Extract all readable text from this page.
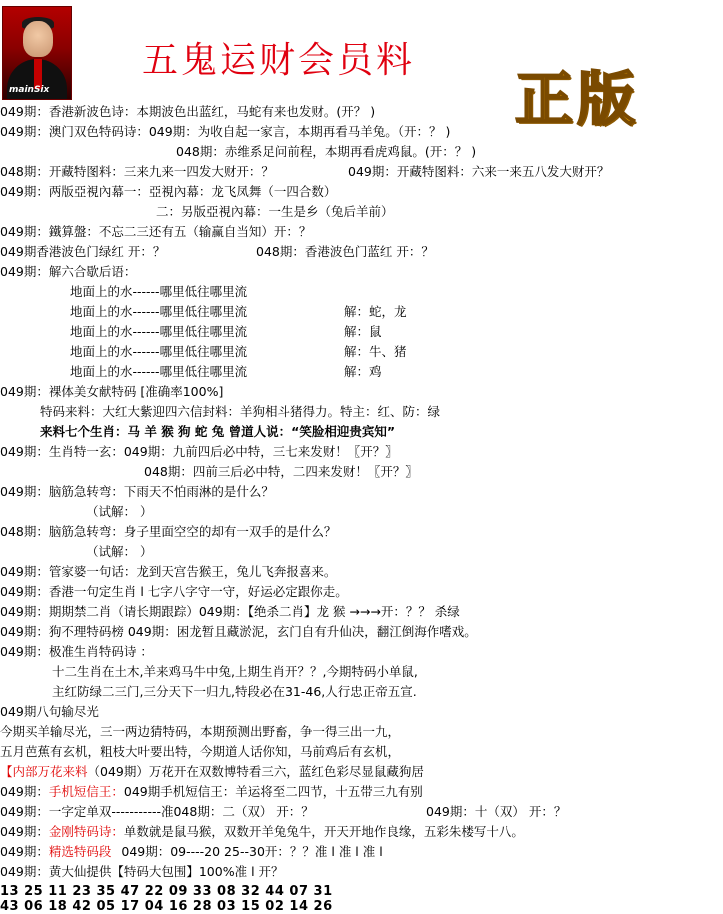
mainSix
五鬼运财会员料
正版
049期：香港新波色诗：本期波色出蓝红，马蛇有来也发财。(开？ )
049期：澳门双色特码诗：049期：为收自起一家言，本期再看马羊兔。（开：？ )
048期：赤维系足问前程，本期再看虎鸡鼠。(开：？ )
048期：开藏特图料：三来九来一四发大财开：？	049期：开藏特图料：六来一来五八发大财开？
049期：两版亞視內幕一：亞視內幕：龙飞凤舞（一四合数）
二：另版亞視內幕：一生是乡（兔后羊前）
049期：鐵算盤：不忘二三还有五（输赢自当知）开：？
049期香港波色门绿红 开：？	048期：香港波色门蓝红 开：？
049期：解六合歇后语：
地面上的水------哪里低往哪里流
地面上的水------哪里低往哪里流	解：蛇，龙
地面上的水------哪里低往哪里流	解：鼠
地面上的水------哪里低往哪里流	解：牛、猪
地面上的水------哪里低往哪里流	解：鸡
049期：裸体美女献特码 [准确率100%]
特码来料：大红大紫迎四六信封料：羊狗相斗猪得力。特主：红、防：绿
来料七个生肖：马 羊 猴 狗 蛇 兔 曾道人说：“笑脸相迎贵宾知”
049期：生肖特一玄：049期：九前四后必中特，三七来发财！〖开？〗
048期：四前三后必中特，二四来发财！〖开？〗
049期：脑筋急转弯：下雨天不怕雨淋的是什么？
（试解： ）
048期：脑筋急转弯：身子里面空空的却有一双手的是什么？
（试解： ）
049期：管家婆一句话：龙到天宫告猴王，兔儿飞奔报喜来。
049期：香港一句定生肖 l 七字八字守一守，好运必定跟你走。
049期：期期禁二肖（请长期跟踪）049期：【绝杀二肖】龙 猴 →→→开：？？ 杀绿
049期：狗不理特码榜 049期：困龙暂且藏淤泥，玄门自有升仙决，翻江倒海作嗜戏。
049期：极准生肖特码诗 ：
十二生肖在土木,羊来鸡马牛中兔,上期生肖开？？,今期特码小单鼠,
主红防绿二三门,三分天下一归九,特段必在31-46,人行忠正帝五宣.
049期八句输尽光
今期买羊输尽光，三一两边猜特码，本期预测出野畜，争一得三出一九，
五月芭蕉有玄机，粗枝大叶要出特，今期道人话你知，马前鸡后有玄机，
【内部万花来料（049期）万花开在双数博特看三六，蓝红色彩尽显鼠藏狗居
049期：手机短信王：049期手机短信王：羊运将至二四节，十五带三九有别
049期：一字定单双-----------准048期：二（双） 开：？	049期：十（双） 开：？
049期：金刚特码诗：单数就是鼠马猴，双数开羊兔兔牛，开天开地作良缘，五彩朱楼写十八。
049期：精选特码段 049期：09----20 25--30开：？？准 l 准 l 准 l
049期：黄大仙提供【特码大包围】100%准 l 开？
13 25 11 23 35 47 22 09 33 08 32 44 07 31
43 06 18 42 05 17 04 16 28 03 15 02 14 26
